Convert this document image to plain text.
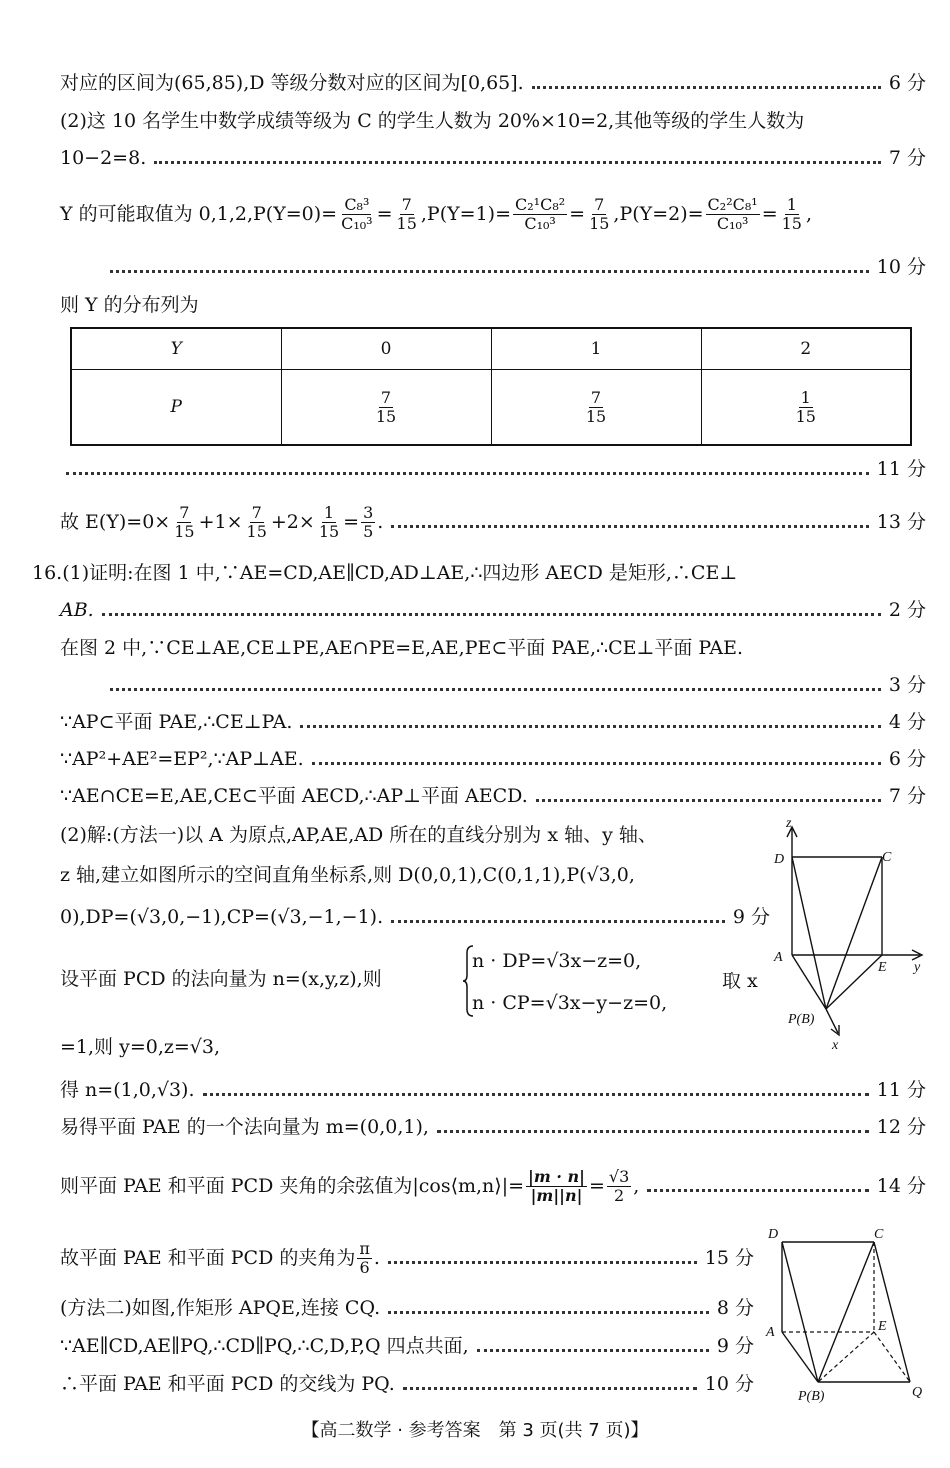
对应的区间为(65,85),D 等级分数对应的区间为[0,65].	6 分
(2)这 10 名学生中数学成绩等级为 C 的学生人数为 20%×10=2,其他等级的学生人数为
10−2=8.	7 分
Y 的可能取值为 0,1,2, $P(Y=0)= \frac{\text{C₈³}}{\text{C₁₀³}} = \frac{7}{15} ,P(Y=1)= \frac{\text{C₂¹C₈²}}{\text{C₁₀³}} = \frac{7}{15} ,P(Y=2)= \frac{\text{C₂²C₈¹}}{\text{C₁₀³}} = \frac{1}{15}$ ,
10 分
则 Y 的分布列为
Y	0	1	2
P	$\frac{7}{15}$	$\frac{7}{15}$	$\frac{1}{15}$
11 分
故 $E(Y)=0\times \frac{7}{15} +1\times \frac{7}{15} +2\times \frac{1}{15} = \frac{3}{5}$ .	13 分
16.(1)证明:在图 1 中,∵AE=CD,AE∥CD,AD⊥AE,∴四边形 AECD 是矩形,∴CE⊥
AB.	2 分
在图 2 中,∵CE⊥AE,CE⊥PE,AE∩PE=E,AE,PE⊂平面 PAE,∴CE⊥平面 PAE.
3 分
∵AP⊂平面 PAE,∴CE⊥PA.	4 分
∵AP²+AE²=EP²,∵AP⊥AE.	6 分
∵AE∩CE=E,AE,CE⊂平面 AECD,∴AP⊥平面 AECD.	7 分
(2)解:(方法一)以 A 为原点,AP,AE,AD 所在的直线分别为 x 轴、y 轴、
z 轴,建立如图所示的空间直角坐标系,则 D(0,0,1),C(0,1,1),P(√3,0,
0),DP=(√3,0,−1),CP=(√3,−1,−1).	9 分
设平面 PCD 的法向量为 n=(x,y,z),则
n · DP=√3x−z=0,
n · CP=√3x−y−z=0,
取 x
=1,则 y=0,z=√3,
得 n=(1,0,√3).	11 分
易得平面 PAE 的一个法向量为 m=(0,0,1),	12 分
则平面 PAE 和平面 PCD 夹角的余弦值为|cos⟨m,n⟩|= $\frac{|m \cdot n|}{|m||n|} = \frac{√3}{2}$ ,	14 分
故平面 PAE 和平面 PCD 的夹角为 $\frac{\pi}{6}$ .	15 分
(方法二)如图,作矩形 APQE,连接 CQ.	8 分
∵AE∥CD,AE∥PQ,∴CD∥PQ,∴C,D,P,Q 四点共面,	9 分
∴平面 PAE 和平面 PCD 的交线为 PQ.	10 分
z
D	C
A
E y
P(B)
x
D	C
A	E
P(B)	Q
【高二数学 · 参考答案　第 3 页(共 7 页)】
